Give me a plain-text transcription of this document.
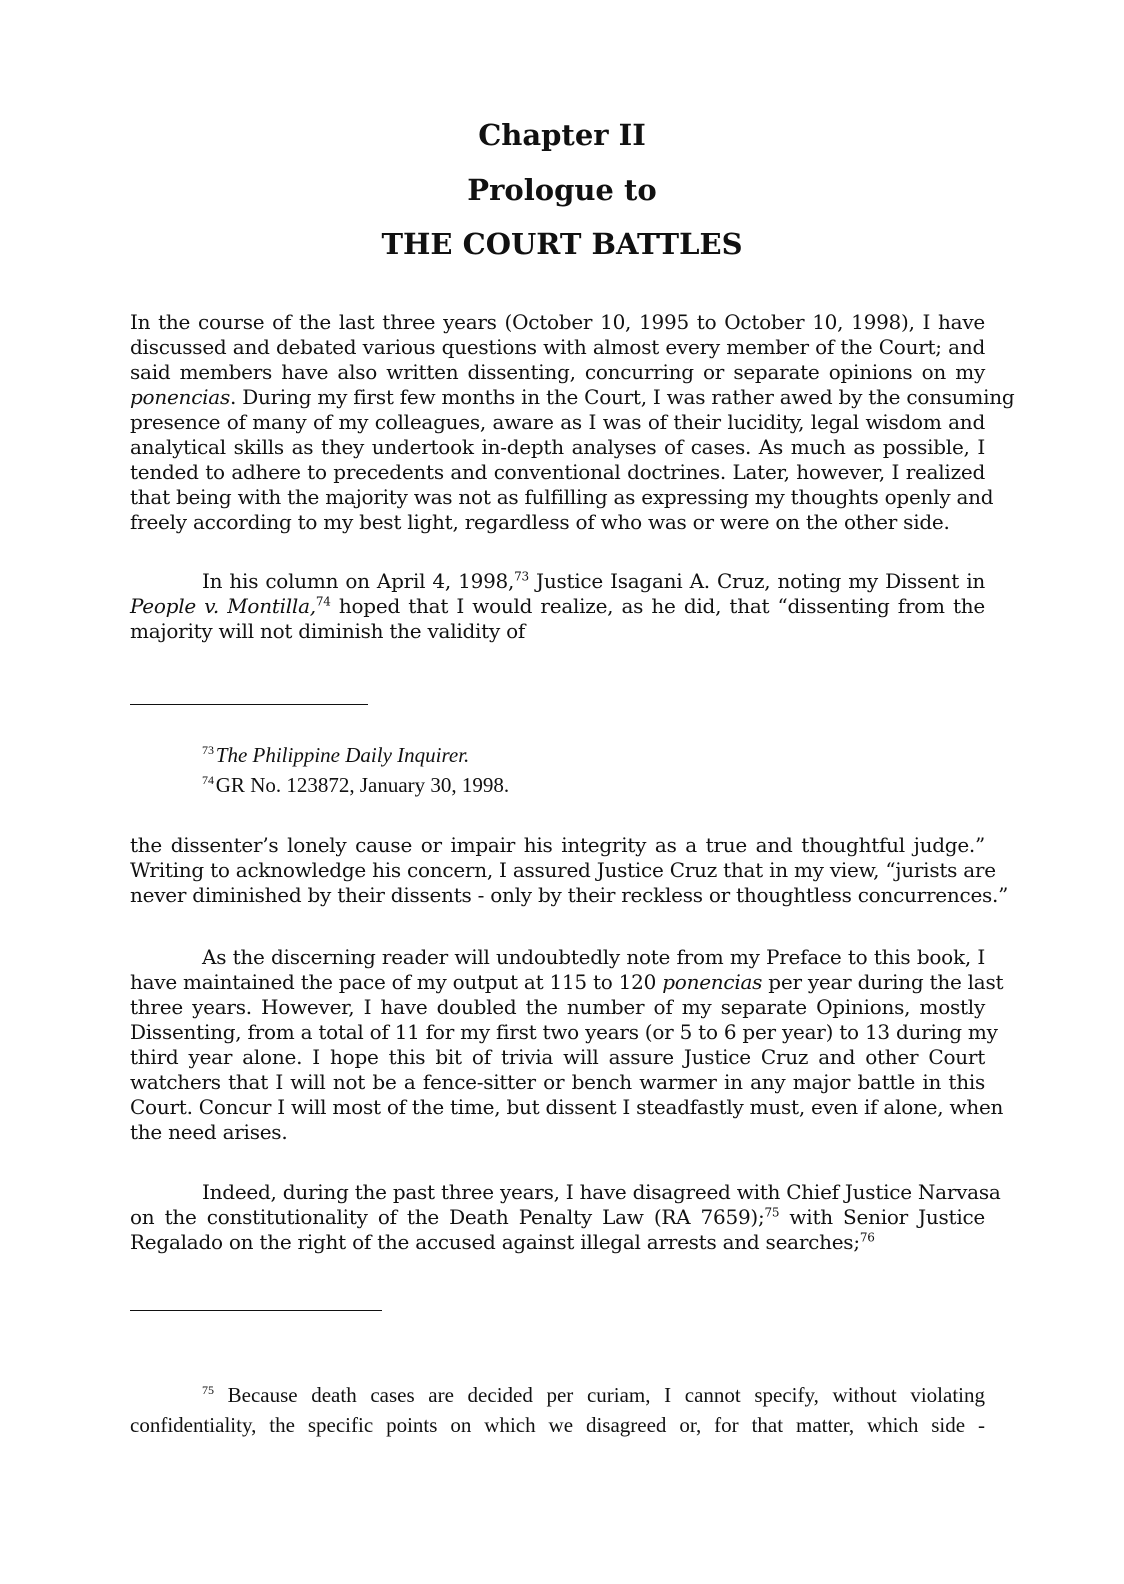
Chapter II
Prologue to
THE COURT BATTLES
In the course of the last three years (October 10, 1995 to October 10, 1998), I have
discussed and debated various questions with almost every member of the Court; and
said members have also written dissenting, concurring or separate opinions on my
ponencias. During my first few months in the Court, I was rather awed by the consuming
presence of many of my colleagues, aware as I was of their lucidity, legal wisdom and
analytical skills as they undertook in-depth analyses of cases. As much as possible, I
tended to adhere to precedents and conventional doctrines. Later, however, I realized
that being with the majority was not as fulfilling as expressing my thoughts openly and
freely according to my best light, regardless of who was or were on the other side.
In his column on April 4, 1998,73 Justice Isagani A. Cruz, noting my Dissent in
People v. Montilla,$^{74}$ hoped that I would realize, as he did, that “dissenting from the
majority will not diminish the validity of
$^{73}$ The Philippine Daily Inquirer.
$^{74}$ GR No. 123872, January 30, 1998.
the dissenter’s lonely cause or impair his integrity as a true and thoughtful judge.”
Writing to acknowledge his concern, I assured Justice Cruz that in my view, “jurists are
never diminished by their dissents - only by their reckless or thoughtless concurrences.”
As the discerning reader will undoubtedly note from my Preface to this book, I
have maintained the pace of my output at 115 to 120 ponencias per year during the last
three years. However, I have doubled the number of my separate Opinions, mostly
Dissenting, from a total of 11 for my first two years (or 5 to 6 per year) to 13 during my
third year alone. I hope this bit of trivia will assure Justice Cruz and other Court
watchers that I will not be a fence-sitter or bench warmer in any major battle in this
Court. Concur I will most of the time, but dissent I steadfastly must, even if alone, when
the need arises.
Indeed, during the past three years, I have disagreed with Chief Justice Narvasa
on the constitutionality of the Death Penalty Law (RA 7659);$^{75}$ with Senior Justice
Regalado on the right of the accused against illegal arrests and searches;$^{76}$
$^{75}$ Because death cases are decided per curiam, I cannot specify, without violating
confidentiality, the specific points on which we disagreed or, for that matter, which side -
